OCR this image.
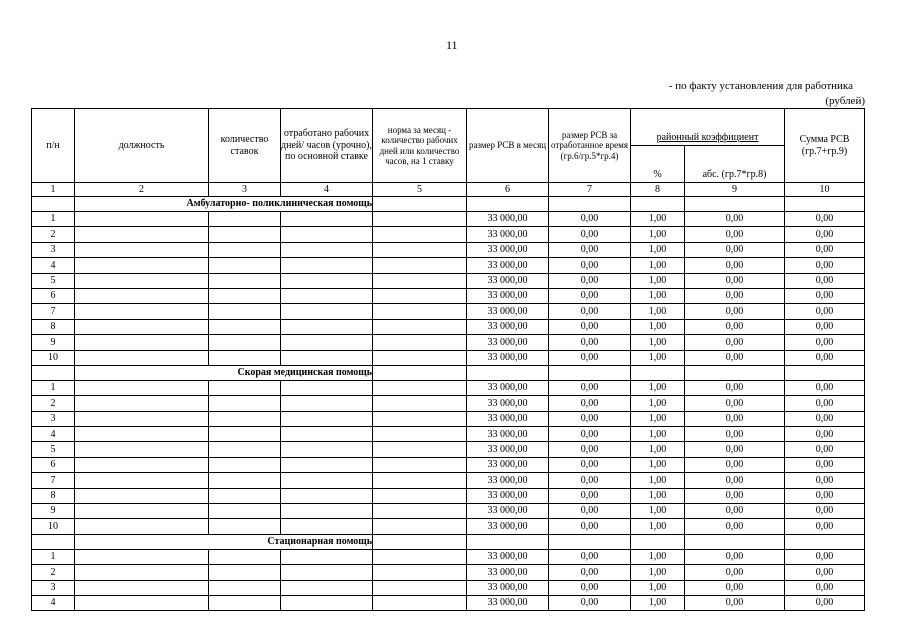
11
- по факту установления для работника
(рублей)
п/н	должность	количество ставок	отработано рабочих дней/ часов (урочно), по основной ставке	норма за месяц - количество рабочих дней или количество часов, на 1 ставку	размер РСВ в месяц	размер РСВ за отработанное время (гр.6/гр.5*гр.4)	районный коэффициент		Сумма РСВ (гр.7+гр.9)
							%	абс. (гр.7*гр.8)	
1	2	3	4	5	6	7	8	9	10
	Амбулаторно- поликлиническая помощь								
1					33 000,00	0,00	1,00	0,00	0,00
2					33 000,00	0,00	1,00	0,00	0,00
3					33 000,00	0,00	1,00	0,00	0,00
4					33 000,00	0,00	1,00	0,00	0,00
5					33 000,00	0,00	1,00	0,00	0,00
6					33 000,00	0,00	1,00	0,00	0,00
7					33 000,00	0,00	1,00	0,00	0,00
8					33 000,00	0,00	1,00	0,00	0,00
9					33 000,00	0,00	1,00	0,00	0,00
10					33 000,00	0,00	1,00	0,00	0,00
	Скорая медицинская помощь								
1					33 000,00	0,00	1,00	0,00	0,00
2					33 000,00	0,00	1,00	0,00	0,00
3					33 000,00	0,00	1,00	0,00	0,00
4					33 000,00	0,00	1,00	0,00	0,00
5					33 000,00	0,00	1,00	0,00	0,00
6					33 000,00	0,00	1,00	0,00	0,00
7					33 000,00	0,00	1,00	0,00	0,00
8					33 000,00	0,00	1,00	0,00	0,00
9					33 000,00	0,00	1,00	0,00	0,00
10					33 000,00	0,00	1,00	0,00	0,00
	Стационарная помощь								
1					33 000,00	0,00	1,00	0,00	0,00
2					33 000,00	0,00	1,00	0,00	0,00
3					33 000,00	0,00	1,00	0,00	0,00
4					33 000,00	0,00	1,00	0,00	0,00
